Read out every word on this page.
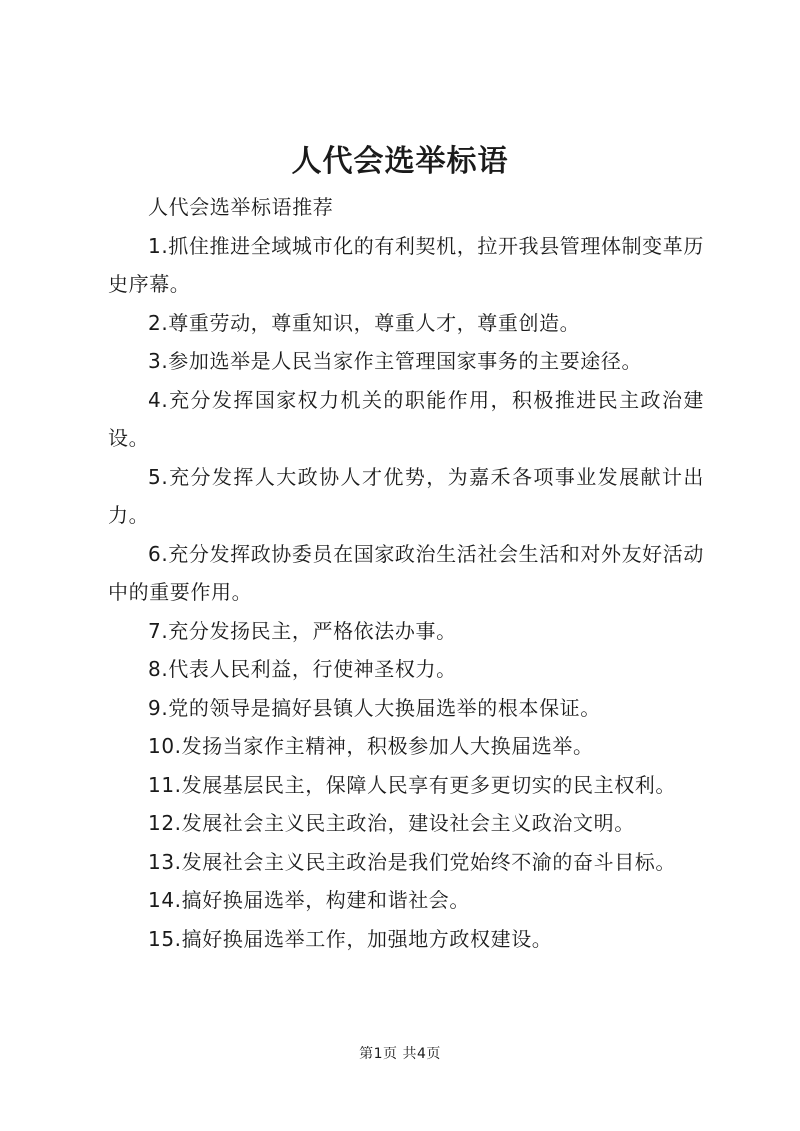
人代会选举标语

人代会选举标语推荐

1.抓住推进全域城市化的有利契机，拉开我县管理体制变革历史序幕。

2.尊重劳动，尊重知识，尊重人才，尊重创造。

3.参加选举是人民当家作主管理国家事务的主要途径。

4.充分发挥国家权力机关的职能作用，积极推进民主政治建设。

5.充分发挥人大政协人才优势，为嘉禾各项事业发展献计出力。

6.充分发挥政协委员在国家政治生活社会生活和对外友好活动中的重要作用。

7.充分发扬民主，严格依法办事。

8.代表人民利益，行使神圣权力。

9.党的领导是搞好县镇人大换届选举的根本保证。

10.发扬当家作主精神，积极参加人大换届选举。

11.发展基层民主，保障人民享有更多更切实的民主权利。

12.发展社会主义民主政治，建设社会主义政治文明。

13.发展社会主义民主政治是我们党始终不渝的奋斗目标。

14.搞好换届选举，构建和谐社会。

15.搞好换届选举工作，加强地方政权建设。

第1页 共4页
